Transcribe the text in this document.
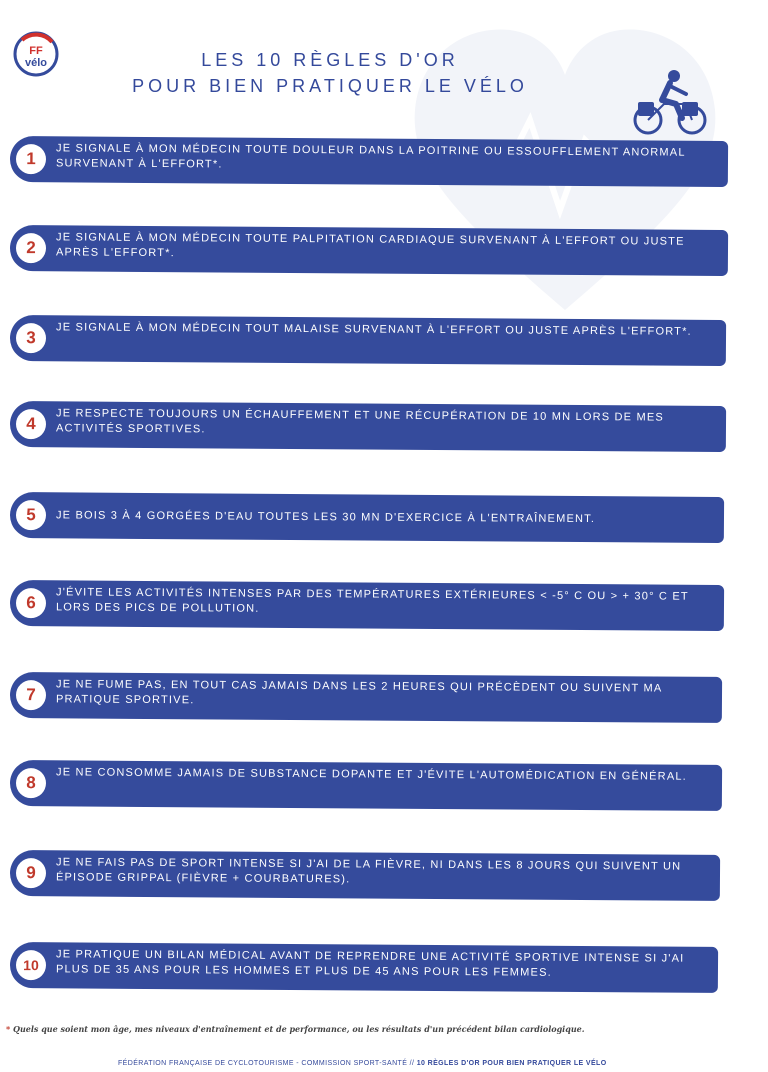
FF
vélo	LES 10 RÈGLES D'OR
POUR BIEN PRATIQUER LE VÉLO
1	JE SIGNALE À MON MÉDECIN TOUTE DOULEUR DANS LA POITRINE OU ESSOUFFLEMENT ANORMAL SURVENANT À L'EFFORT*.
2	JE SIGNALE À MON MÉDECIN TOUTE PALPITATION CARDIAQUE SURVENANT À L'EFFORT OU JUSTE APRÈS L'EFFORT*.
3	JE SIGNALE À MON MÉDECIN TOUT MALAISE SURVENANT À L'EFFORT OU JUSTE APRÈS L'EFFORT*.
4	JE RESPECTE TOUJOURS UN ÉCHAUFFEMENT ET UNE RÉCUPÉRATION DE 10 MN LORS DE MES ACTIVITÉS SPORTIVES.
5	JE BOIS 3 À 4 GORGÉES D'EAU TOUTES LES 30 MN D'EXERCICE À L'ENTRAÎNEMENT.
6	J'ÉVITE LES ACTIVITÉS INTENSES PAR DES TEMPÉRATURES EXTÉRIEURES < -5° C OU > + 30° C ET LORS DES PICS DE POLLUTION.
7	JE NE FUME PAS, EN TOUT CAS JAMAIS DANS LES 2 HEURES QUI PRÉCÈDENT OU SUIVENT MA PRATIQUE SPORTIVE.
8	JE NE CONSOMME JAMAIS DE SUBSTANCE DOPANTE ET J'ÉVITE L'AUTOMÉDICATION EN GÉNÉRAL.
9	JE NE FAIS PAS DE SPORT INTENSE SI J'AI DE LA FIÈVRE, NI DANS LES 8 JOURS QUI SUIVENT UN ÉPISODE GRIPPAL (FIÈVRE + COURBATURES).
10
JE PRATIQUE UN BILAN MÉDICAL AVANT DE REPRENDRE UNE ACTIVITÉ SPORTIVE INTENSE SI J'AI PLUS DE 35 ANS POUR LES HOMMES ET PLUS DE 45 ANS POUR LES FEMMES.
* Quels que soient mon âge, mes niveaux d'entraînement et de performance, ou les résultats d'un précédent bilan cardiologique.
FÉDÉRATION FRANÇAISE DE CYCLOTOURISME - COMMISSION SPORT-SANTÉ // 10 RÈGLES D'OR POUR BIEN PRATIQUER LE VÉLO
